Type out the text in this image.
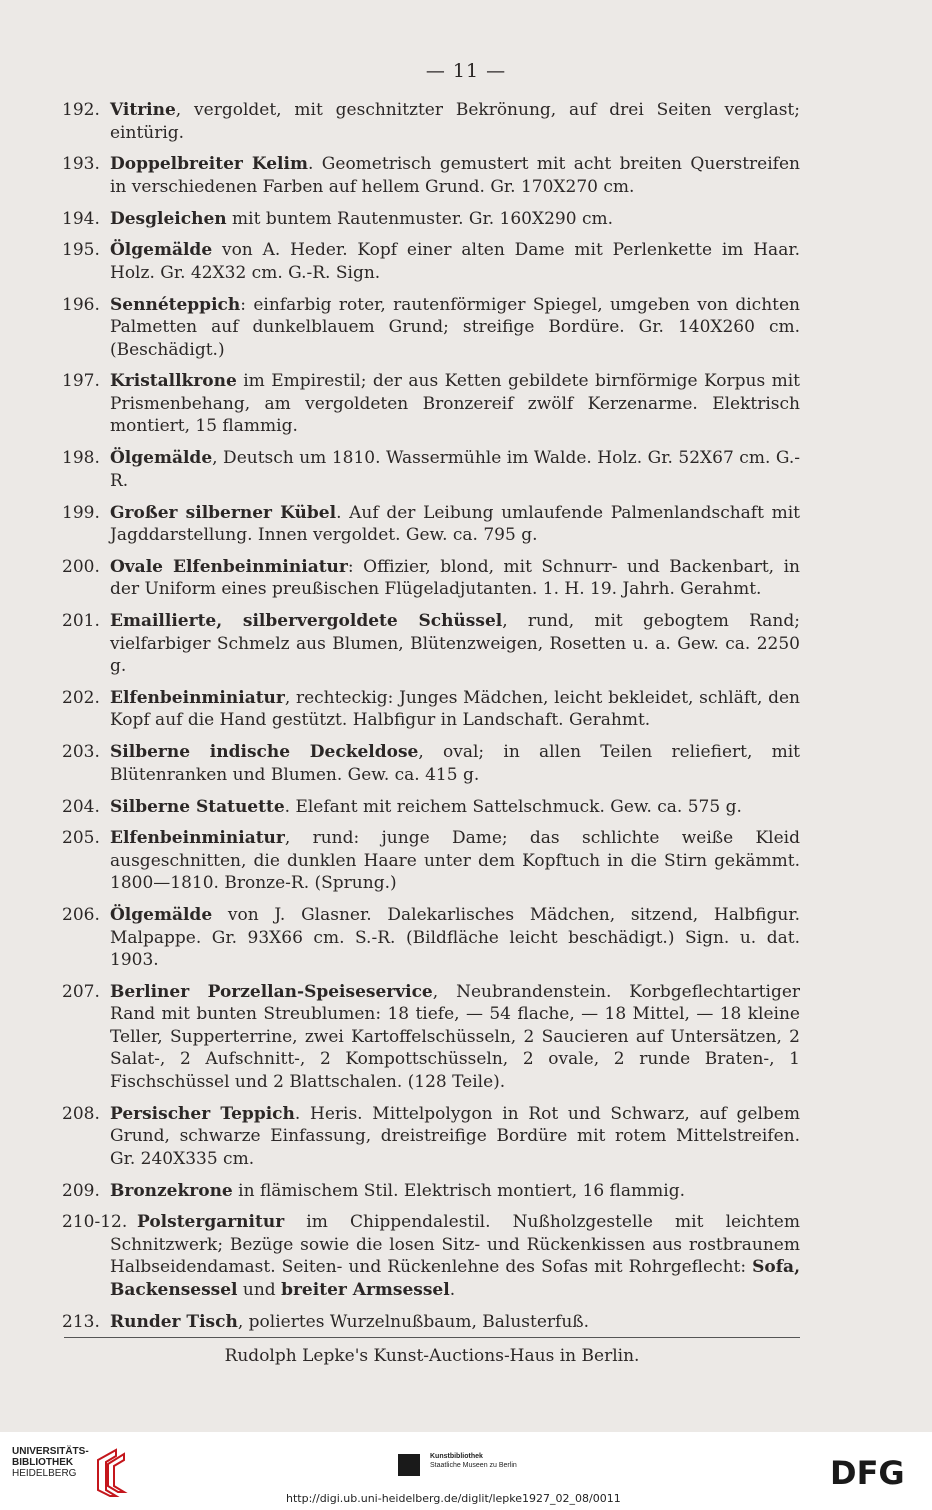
— 11 —
192. Vitrine, vergoldet, mit geschnitzter Bekrönung, auf drei Seiten verglast; eintürig.
193. Doppelbreiter Kelim. Geometrisch gemustert mit acht breiten Querstreifen in verschiedenen Farben auf hellem Grund. Gr. 170X270 cm.
194. Desgleichen mit buntem Rautenmuster. Gr. 160X290 cm.
195. Ölgemälde von A. Heder. Kopf einer alten Dame mit Perlenkette im Haar. Holz. Gr. 42X32 cm. G.-R. Sign.
196. Sennéteppich: einfarbig roter, rautenförmiger Spiegel, umgeben von dichten Palmetten auf dunkelblauem Grund; streifige Bordüre. Gr. 140X260 cm. (Beschädigt.)
197. Kristallkrone im Empirestil; der aus Ketten gebildete birnförmige Korpus mit Prismenbehang, am vergoldeten Bronzereif zwölf Kerzenarme. Elektrisch montiert, 15 flammig.
198. Ölgemälde, Deutsch um 1810. Wassermühle im Walde. Holz. Gr. 52X67 cm. G.-R.
199. Großer silberner Kübel. Auf der Leibung umlaufende Palmenlandschaft mit Jagddarstellung. Innen vergoldet. Gew. ca. 795 g.
200. Ovale Elfenbeinminiatur: Offizier, blond, mit Schnurr- und Backenbart, in der Uniform eines preußischen Flügeladjutanten. 1. H. 19. Jahrh. Gerahmt.
201. Emaillierte, silbervergoldete Schüssel, rund, mit gebogtem Rand; vielfarbiger Schmelz aus Blumen, Blütenzweigen, Rosetten u. a. Gew. ca. 2250 g.
202. Elfenbeinminiatur, rechteckig: Junges Mädchen, leicht bekleidet, schläft, den Kopf auf die Hand gestützt. Halbfigur in Landschaft. Gerahmt.
203. Silberne indische Deckeldose, oval; in allen Teilen reliefiert, mit Blütenranken und Blumen. Gew. ca. 415 g.
204. Silberne Statuette. Elefant mit reichem Sattelschmuck. Gew. ca. 575 g.
205. Elfenbeinminiatur, rund: junge Dame; das schlichte weiße Kleid ausgeschnitten, die dunklen Haare unter dem Kopftuch in die Stirn gekämmt. 1800—1810. Bronze-R. (Sprung.)
206. Ölgemälde von J. Glasner. Dalekarlisches Mädchen, sitzend, Halbfigur. Malpappe. Gr. 93X66 cm. S.-R. (Bildfläche leicht beschädigt.) Sign. u. dat. 1903.
207. Berliner Porzellan-Speiseservice, Neubrandenstein. Korbgeflechtartiger Rand mit bunten Streublumen: 18 tiefe, — 54 flache, — 18 Mittel, — 18 kleine Teller, Supperterrine, zwei Kartoffelschüsseln, 2 Saucieren auf Untersätzen, 2 Salat-, 2 Aufschnitt-, 2 Kompottschüsseln, 2 ovale, 2 runde Braten-, 1 Fischschüssel und 2 Blattschalen. (128 Teile).
208. Persischer Teppich. Heris. Mittelpolygon in Rot und Schwarz, auf gelbem Grund, schwarze Einfassung, dreistreifige Bordüre mit rotem Mittelstreifen. Gr. 240X335 cm.
209. Bronzekrone in flämischem Stil. Elektrisch montiert, 16 flammig.
210-12. Polstergarnitur im Chippendalestil. Nußholzgestelle mit leichtem Schnitzwerk; Bezüge sowie die losen Sitz- und Rückenkissen aus rostbraunem Halbseidendamast. Seiten- und Rückenlehne des Sofas mit Rohrgeflecht: Sofa, Backensessel und breiter Armsessel.
213. Runder Tisch, poliertes Wurzelnußbaum, Balusterfuß.
Rudolph Lepke's Kunst-Auctions-Haus in Berlin.
UNIVERSITÄTS-
BIBLIOTHEK
HEIDELBERG
Kunstbibliothek
Staatliche Museen zu Berlin	DFG
http://digi.ub.uni-heidelberg.de/diglit/lepke1927_02_08/0011
